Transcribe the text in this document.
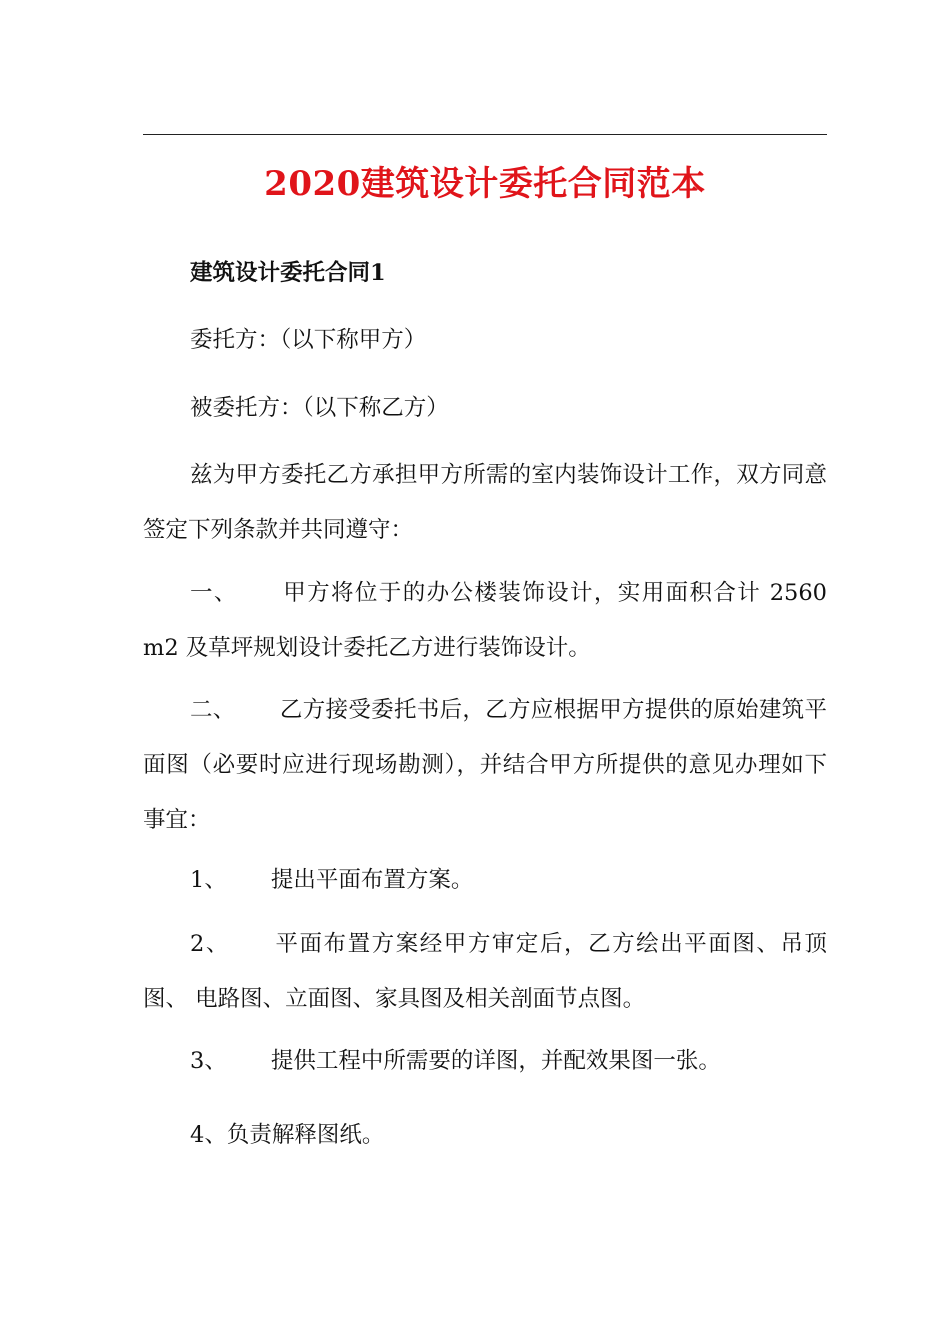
2020建筑设计委托合同范本

建筑设计委托合同1

委托方：（以下称甲方）

被委托方：（以下称乙方）

兹为甲方委托乙方承担甲方所需的室内装饰设计工作，双方同意签定下列条款并共同遵守：

一、 甲方将位于的办公楼装饰设计，实用面积合计 2560 m2 及草坪规划设计委托乙方进行装饰设计。

二、 乙方接受委托书后，乙方应根据甲方提供的原始建筑平面图（必要时应进行现场勘测），并结合甲方所提供的意见办理如下事宜：

1、 提出平面布置方案。

2、 平面布置方案经甲方审定后，乙方绘出平面图、吊顶图、 电路图、立面图、家具图及相关剖面节点图。

3、 提供工程中所需要的详图，并配效果图一张。

4、负责解释图纸。
